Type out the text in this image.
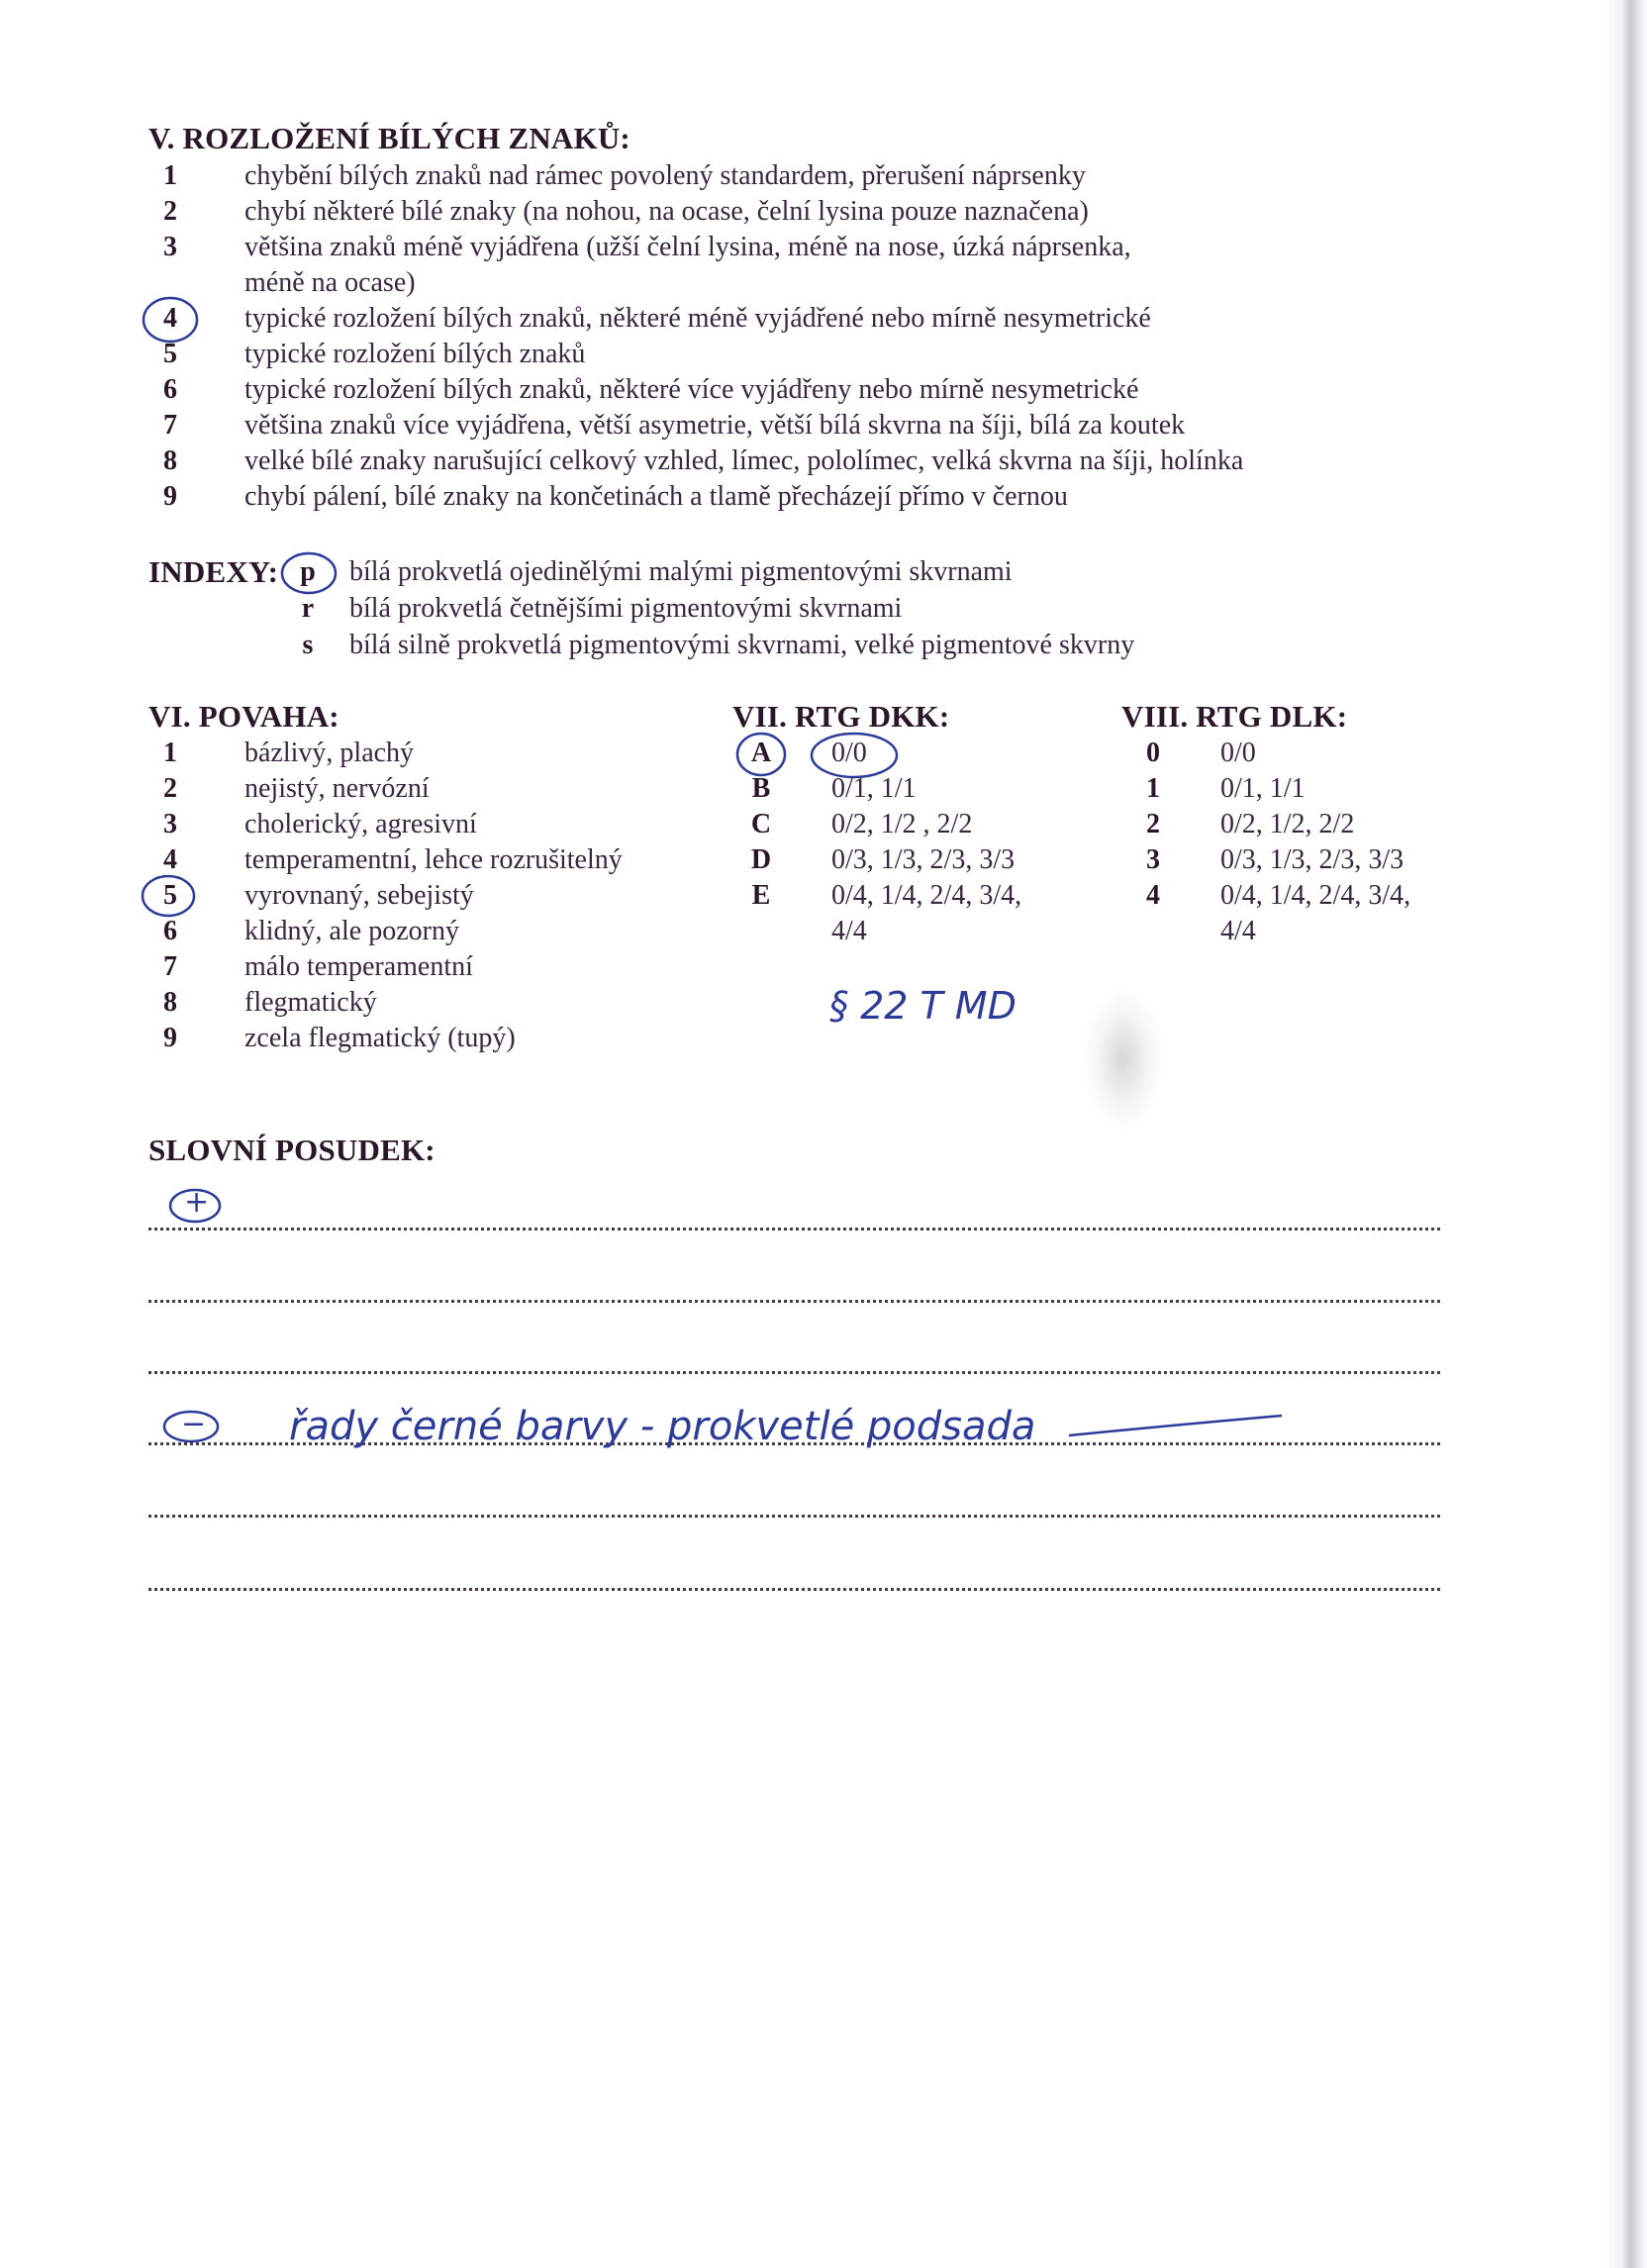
V. ROZLOŽENÍ BÍLÝCH ZNAKŮ:
1 chybění bílých znaků nad rámec povolený standardem, přerušení náprsenky
2 chybí některé bílé znaky (na nohou, na ocase, čelní lysina pouze naznačena)
3 většina znaků méně vyjádřena (užší čelní lysina, méně na nose, úzká náprsenka,
méně na ocase)
4 typické rozložení bílých znaků, některé méně vyjádřené nebo mírně nesymetrické
5 typické rozložení bílých znaků
6 typické rozložení bílých znaků, některé více vyjádřeny nebo mírně nesymetrické
7 většina znaků více vyjádřena, větší asymetrie, větší bílá skvrna na šíji, bílá za koutek
8 velké bílé znaky narušující celkový vzhled, límec, pololímec, velká skvrna na šíji, holínka
9 chybí pálení, bílé znaky na končetinách a tlamě přecházejí přímo v černou
INDEXY: p bílá prokvetlá ojedinělými malými pigmentovými skvrnami
r	bílá prokvetlá četnějšími pigmentovými skvrnami
s	bílá silně prokvetlá pigmentovými skvrnami, velké pigmentové skvrny
VI. POVAHA:
1 bázlivý, plachý
2 nejistý, nervózní
3 cholerický, agresivní
4 temperamentní, lehce rozrušitelný
5 vyrovnaný, sebejistý
6 klidný, ale pozorný
7 málo temperamentní
8 flegmatický
9 zcela flegmatický (tupý)
VII. RTG DKK:
A 0/0
B 0/1, 1/1
C 0/2, 1/2 , 2/2
D 0/3, 1/3, 2/3, 3/3
E 0/4, 1/4, 2/4, 3/4,
4/4
VIII. RTG DLK:
0 0/0
1 0/1, 1/1
2 0/2, 1/2, 2/2
3 0/3, 1/3, 2/3, 3/3
4 0/4, 1/4, 2/4, 3/4,
4/4
SLOVNÍ POSUDEK:
+
−
§ 22 T MD
řady černé barvy - prokvetlé podsada
